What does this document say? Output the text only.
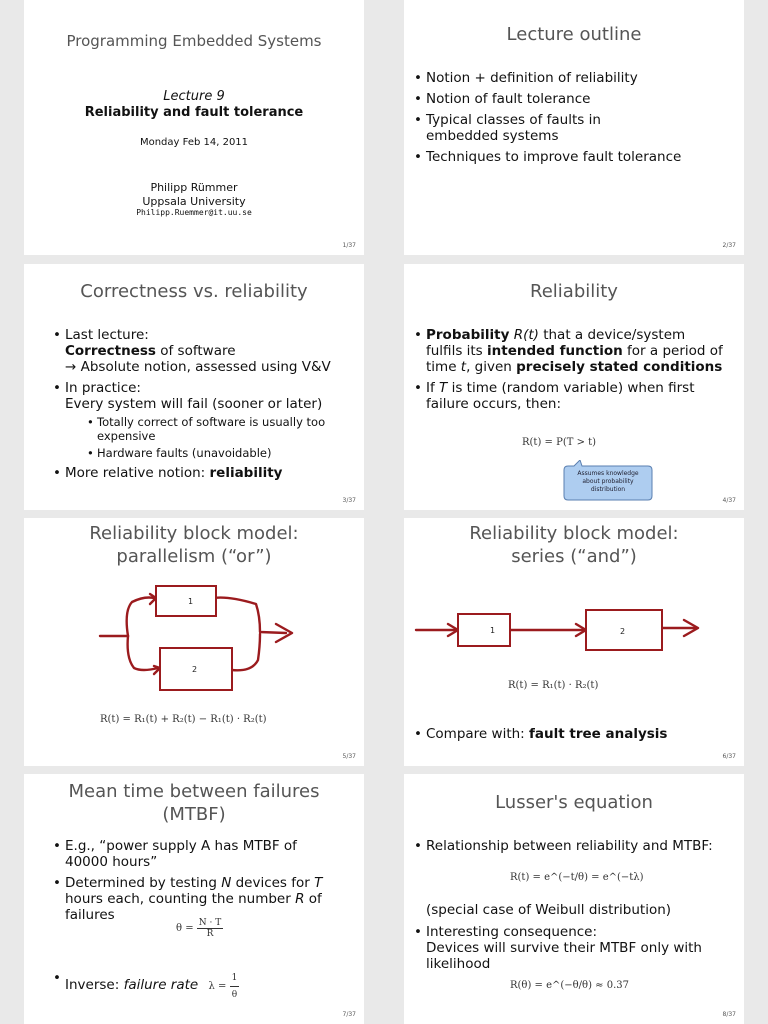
Programming Embedded Systems
Lecture 9
Reliability and fault tolerance
Monday Feb 14, 2011
Philipp Rümmer
Uppsala University
Philipp.Ruemmer@it.uu.se
1/37
Lecture outline
• Notion + definition of reliability
• Notion of fault tolerance
• Typical classes of faults in embedded systems
• Techniques to improve fault tolerance
2/37
Correctness vs. reliability
• Last lecture:
Correctness of software
→ Absolute notion, assessed using V&V
• In practice:
Every system will fail (sooner or later)
• Totally correct of software is usually too expensive
• Hardware faults (unavoidable)
• More relative notion: reliability
3/37
Reliability
• Probability R(t) that a device/system fulfils its intended function for a period of time t, given precisely stated conditions
• If T is time (random variable) when first failure occurs, then:
R(t) = P(T > t)
Assumes knowledge about probability distribution
4/37
Reliability block model:
parallelism (“or”)
1
2
R(t) = R₁(t) + R₂(t) − R₁(t) · R₂(t)
5/37
Reliability block model:
series (“and”)
1	2
R(t) = R₁(t) · R₂(t)
• Compare with: fault tree analysis
6/37
Mean time between failures
(MTBF)
• E.g., “power supply A has MTBF of 40000 hours”
• Determined by testing N devices for T hours each, counting the number R of failures
$\theta = \frac{N \cdot T}{R}$
• Inverse: failure rate $\lambda = \frac{1}{\theta}$
7/37
Lusser's equation
• Relationship between reliability and MTBF:
R(t) = e^(−t/θ) = e^(−tλ)
(special case of Weibull distribution)
• Interesting consequence:
Devices will survive their MTBF only with likelihood
R(θ) = e^(−θ/θ) ≈ 0.37
8/37
